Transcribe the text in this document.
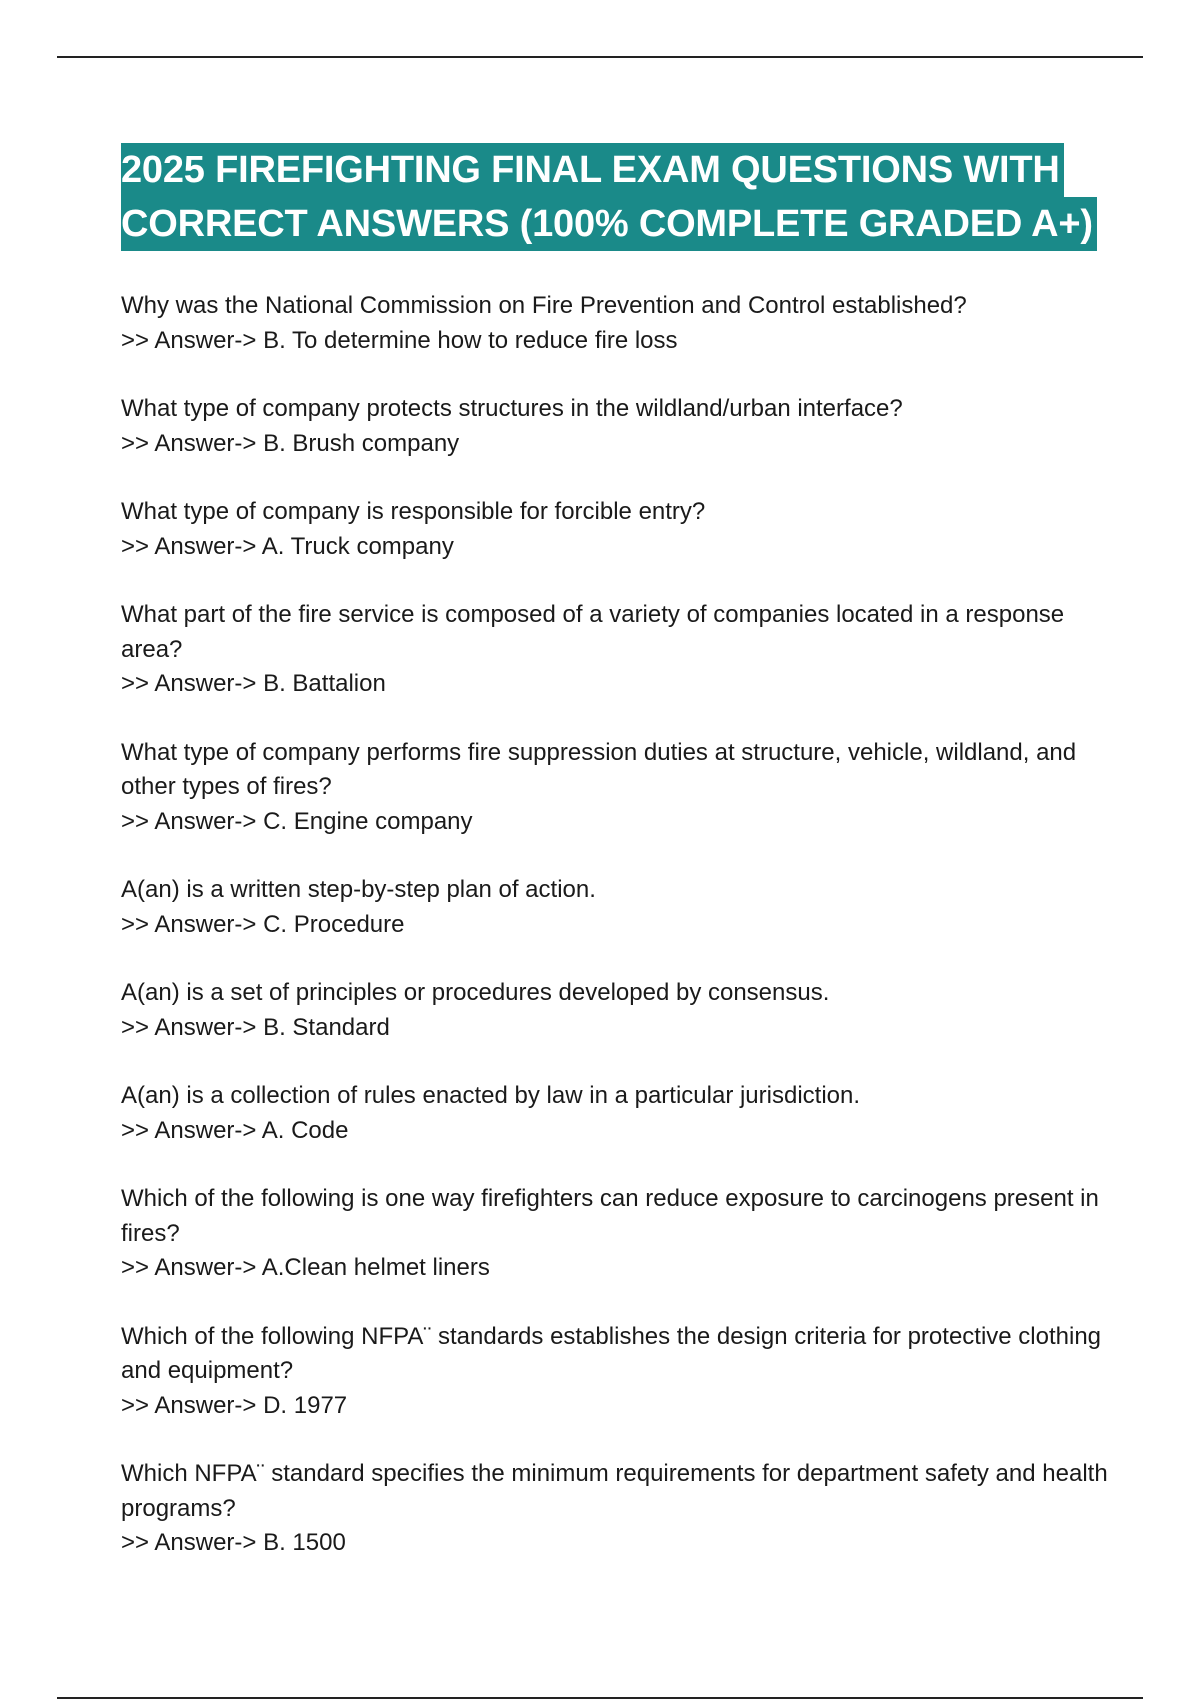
2025 FIREFIGHTING FINAL EXAM QUESTIONS WITH
CORRECT ANSWERS (100% COMPLETE GRADED A+)
Why was the National Commission on Fire Prevention and Control established?
>> Answer-> B. To determine how to reduce fire loss
What type of company protects structures in the wildland/urban interface?
>> Answer-> B. Brush company
What type of company is responsible for forcible entry?
>> Answer-> A. Truck company
What part of the fire service is composed of a variety of companies located in a response area?
>> Answer-> B. Battalion
What type of company performs fire suppression duties at structure, vehicle, wildland, and other types of fires?
>> Answer-> C. Engine company
A(an) is a written step-by-step plan of action.
>> Answer-> C. Procedure
A(an) is a set of principles or procedures developed by consensus.
>> Answer-> B. Standard
A(an) is a collection of rules enacted by law in a particular jurisdiction.
>> Answer-> A. Code
Which of the following is one way firefighters can reduce exposure to carcinogens present in fires?
>> Answer-> A.Clean helmet liners
Which of the following NFPA¨ standards establishes the design criteria for protective clothing and equipment?
>> Answer-> D. 1977
Which NFPA¨ standard specifies the minimum requirements for department safety and health programs?
>> Answer-> B. 1500
